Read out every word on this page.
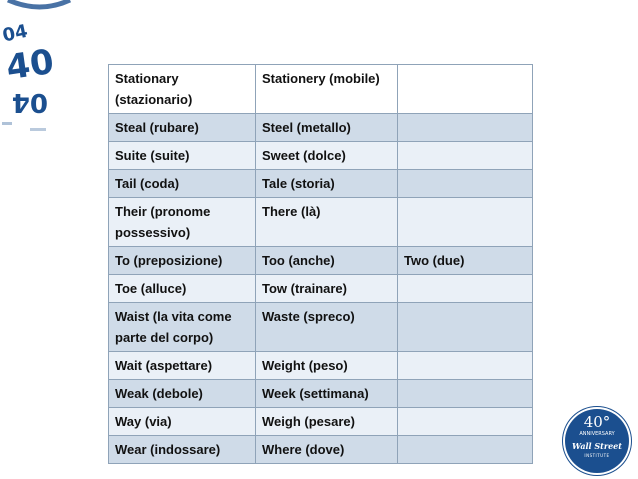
04
40
04
Stationary (stazionario)	Stationery (mobile)	
Steal (rubare)	Steel (metallo)	
Suite (suite)	Sweet (dolce)	
Tail (coda)	Tale (storia)	
Their (pronome possessivo)	There (là)	
To (preposizione)	Too (anche)	Two (due)
Toe (alluce)	Tow (trainare)	
Waist (la vita come parte del corpo)	Waste (spreco)	
Wait (aspettare)	Weight (peso)	
Weak (debole)	Week (settimana)	
Way (via)	Weigh (pesare)	
Wear (indossare)	Where (dove)	
40°
ANNIVERSARY
Wall Street
INSTITUTE
